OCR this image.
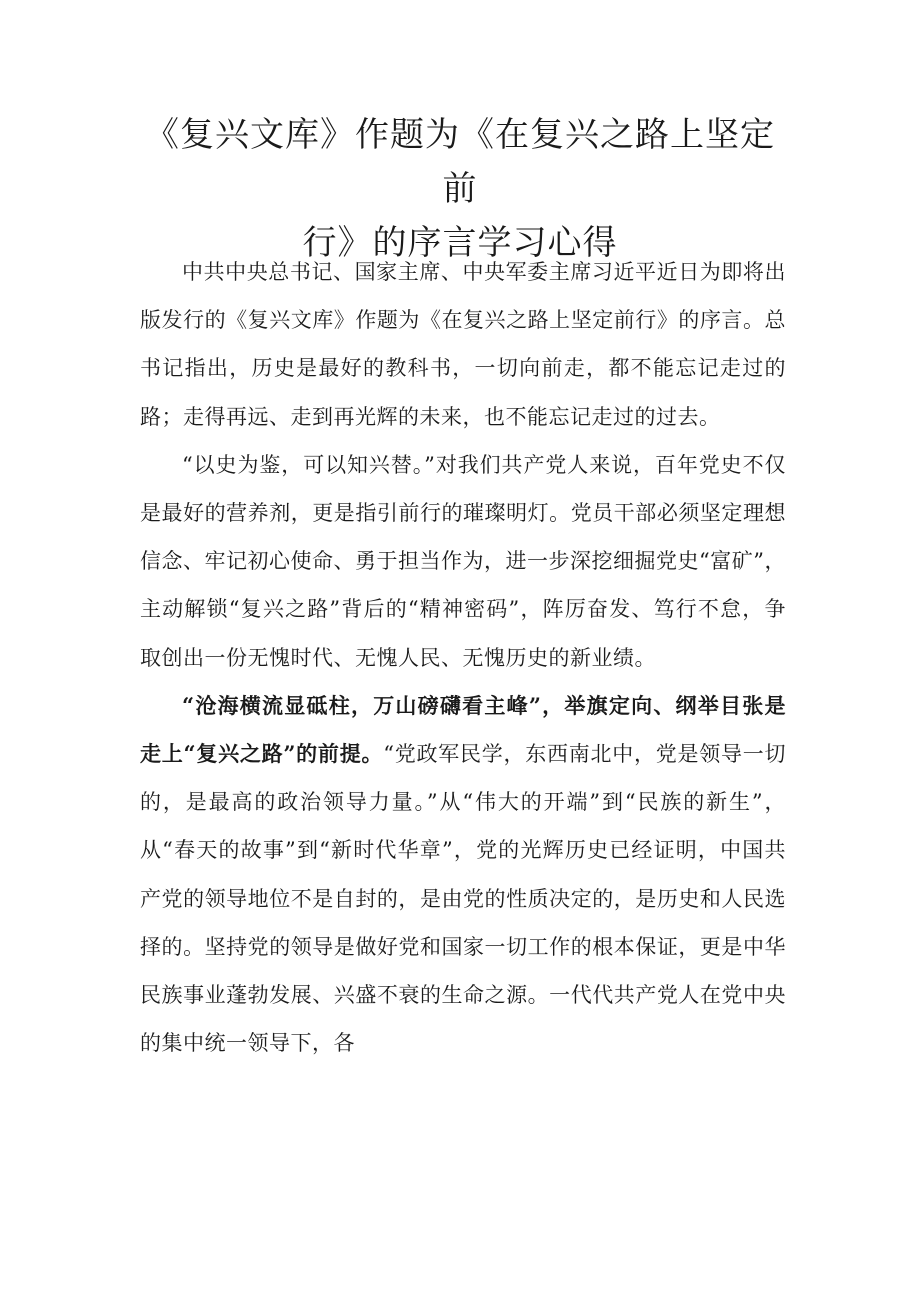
《复兴文库》作题为《在复兴之路上坚定前
行》的序言学习心得

中共中央总书记、国家主席、中央军委主席习近平近日为即将出版发行的《复兴文库》作题为《在复兴之路上坚定前行》的序言。总书记指出，历史是最好的教科书，一切向前走，都不能忘记走过的路；走得再远、走到再光辉的未来，也不能忘记走过的过去。

“以史为鉴，可以知兴替。”对我们共产党人来说，百年党史不仅是最好的营养剂，更是指引前行的璀璨明灯。党员干部必须坚定理想信念、牢记初心使命、勇于担当作为，进一步深挖细掘党史“富矿”，主动解锁“复兴之路”背后的“精神密码”，阵厉奋发、笃行不怠，争取创出一份无愧时代、无愧人民、无愧历史的新业绩。

“沧海横流显砥柱，万山磅礴看主峰”，举旗定向、纲举目张是走上“复兴之路”的前提。“党政军民学，东西南北中，党是领导一切的，是最高的政治领导力量。”从“伟大的开端”到“民族的新生”，从“春天的故事”到“新时代华章”，党的光辉历史已经证明，中国共产党的领导地位不是自封的，是由党的性质决定的，是历史和人民选择的。坚持党的领导是做好党和国家一切工作的根本保证，更是中华民族事业蓬勃发展、兴盛不衰的生命之源。一代代共产党人在党中央的集中统一领导下，各
